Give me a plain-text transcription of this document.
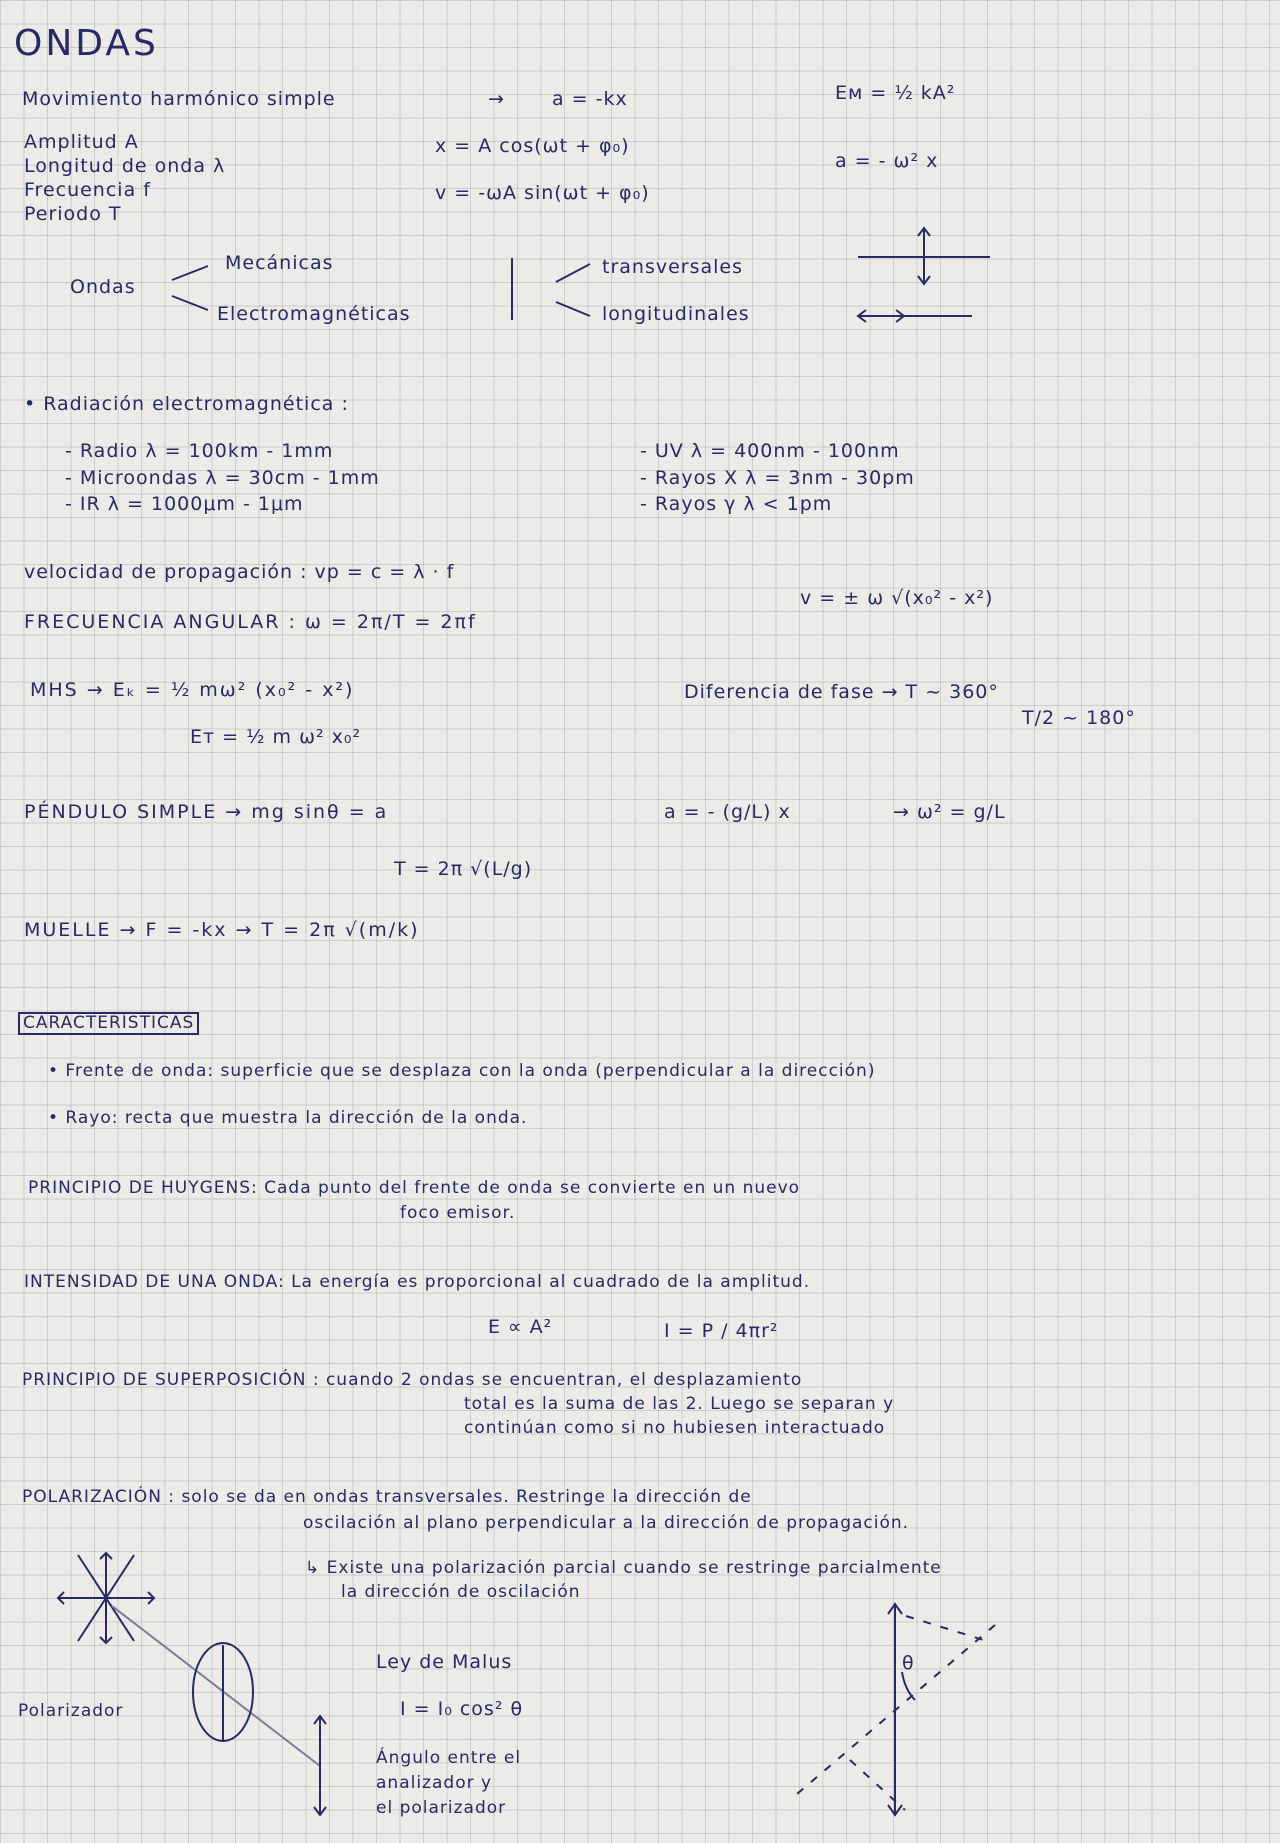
ONDAS
Movimiento harmónico simple	→ a = -kx	Eᴍ = ½ kA²
Amplitud A
Longitud de onda λ
Frecuencia f
Periodo T
x = A cos(ωt + φ₀)
v = -ωA sin(ωt + φ₀)
a = - ω² x
Ondas
Mecánicas
Electromagnéticas
transversales
longitudinales
• Radiación electromagnética :
- Radio λ = 100km - 1mm
- Microondas λ = 30cm - 1mm
- IR λ = 1000μm - 1μm
- UV λ = 400nm - 100nm
- Rayos X λ = 3nm - 30pm
- Rayos γ λ < 1pm
velocidad de propagación : vp = c = λ · f
FRECUENCIA ANGULAR : ω = 2π/T = 2πf
v = ± ω √(x₀² - x²)
MHS → Eₖ = ½ mω² (x₀² - x²)
Eᴛ = ½ m ω² x₀²
Diferencia de fase → T ~ 360°
T/2 ~ 180°
PÉNDULO SIMPLE → mg sinθ = a	a = - (g/L) x	→ ω² = g/L
T = 2π √(L/g)
MUELLE → F = -kx → T = 2π √(m/k)
CARACTERÍSTICAS
• Frente de onda: superficie que se desplaza con la onda (perpendicular a la dirección)
• Rayo: recta que muestra la dirección de la onda.
PRINCIPIO DE HUYGENS: Cada punto del frente de onda se convierte en un nuevo
foco emisor.
INTENSIDAD DE UNA ONDA: La energía es proporcional al cuadrado de la amplitud.
E ∝ A²	I = P / 4πr²
PRINCIPIO DE SUPERPOSICIÓN : cuando 2 ondas se encuentran, el desplazamiento
total es la suma de las 2. Luego se separan y
continúan como si no hubiesen interactuado
POLARIZACIÓN : solo se da en ondas transversales. Restringe la dirección de
oscilación al plano perpendicular a la dirección de propagación.
↳ Existe una polarización parcial cuando se restringe parcialmente
la dirección de oscilación
Polarizador
Ley de Malus
I = I₀ cos² θ
Ángulo entre el
analizador y
el polarizador
θ
